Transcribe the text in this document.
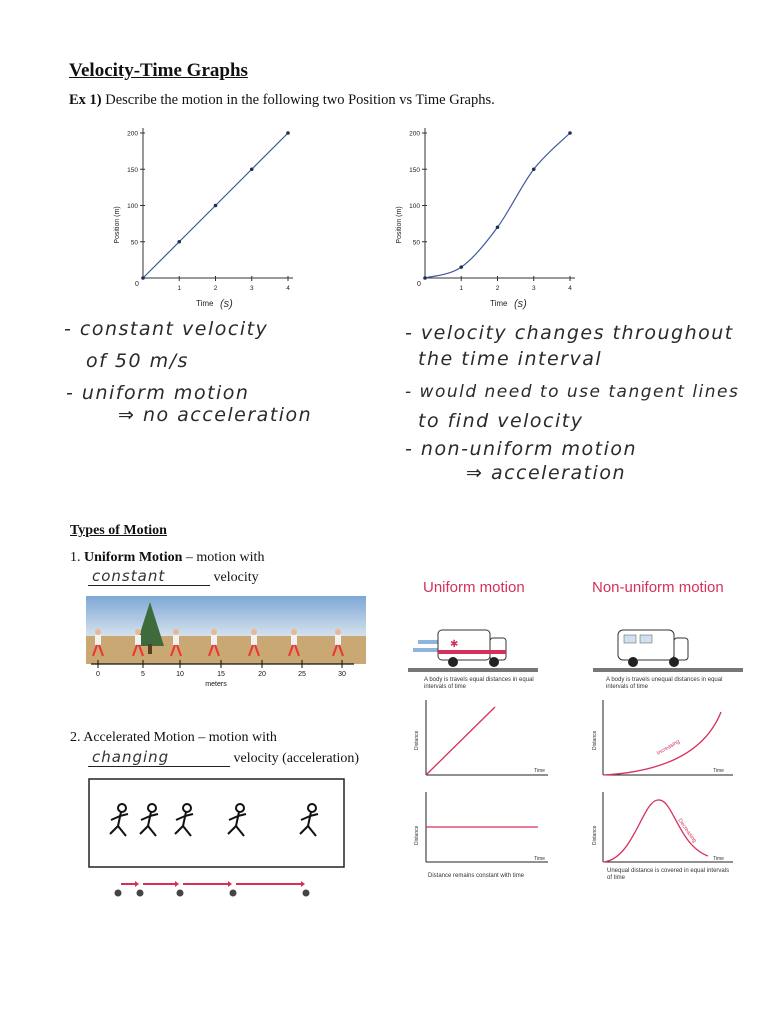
Velocity-Time Graphs
Ex 1) Describe the motion in the following two Position vs Time Graphs.
50
100
150
200
1	2	3	4
Position (m)
0
Time (s)
50
100
150
200
1	2	3	4
Position (m)
0
Time (s)
- constant velocity
of 50 m/s
- uniform motion
⇒ no acceleration
- velocity changes throughout
the time interval
- would need to use tangent lines
to find velocity
- non-uniform motion
⇒ acceleration
Types of Motion
1. Uniform Motion – motion with
constant	velocity
0	5	10	15	20	25	30
meters
2. Accelerated Motion – motion with
changing	velocity (acceleration)
Uniform motion	Non-uniform motion
✱
Distance
Time
Increasing
Distance
Time
Distance
Time
Decreasing
Distance
Time
A body is travels equal distances in equal intervals of time
A body is travels unequal distances in equal intervals of time
Distance remains constant with time
Unequal distance is covered in equal intervals of time
